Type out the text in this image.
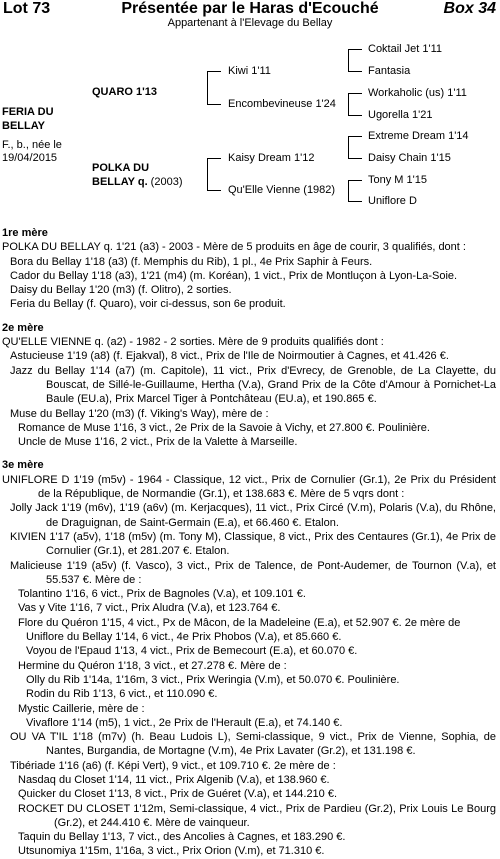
Lot 73	Présentée par le Haras d'Ecouché	Box 34
Appartenant à l'Elevage du Bellay
FERIA DU
BELLAY
F., b., née le
19/04/2015
QUARO 1'13
POLKA DU
BELLAY q. (2003)
Kiwi 1'11
Encombevineuse 1'24
Kaisy Dream 1'12
Qu'Elle Vienne (1982)
Coktail Jet 1'11
Fantasia
Workaholic (us) 1'11
Ugorella 1'21
Extreme Dream 1'14
Daisy Chain 1'15
Tony M 1'15
Uniflore D

1re mère

POLKA DU BELLAY q. 1'21 (a3) - 2003 - Mère de 5 produits en âge de courir, 3 qualifiés, dont :

Bora du Bellay 1'18 (a3) (f. Memphis du Rib), 1 pl., 4e Prix Saphir à Feurs.

Cador du Bellay 1'18 (a3), 1'21 (m4) (m. Koréan), 1 vict., Prix de Montluçon à Lyon-La-Soie.

Daisy du Bellay 1'20 (m3) (f. Olitro), 2 sorties.

Feria du Bellay (f. Quaro), voir ci-dessus, son 6e produit.

2e mère

QU'ELLE VIENNE q. (a2) - 1982 - 2 sorties. Mère de 9 produits qualifiés dont :

Astucieuse 1'19 (a8) (f. Ejakval), 8 vict., Prix de l'Ile de Noirmoutier à Cagnes, et 41.426 €.

Jazz du Bellay 1'14 (a7) (m. Capitole), 11 vict., Prix d'Evrecy, de Grenoble, de La Clayette, du Bouscat, de Sillé-le-Guillaume, Hertha (V.a), Grand Prix de la Côte d'Amour à Pornichet-La Baule (EU.a), Prix Marcel Tiger à Pontchâteau (EU.a), et 190.865 €.

Muse du Bellay 1'20 (m3) (f. Viking's Way), mère de :

Romance de Muse 1'16, 3 vict., 2e Prix de la Savoie à Vichy, et 27.800 €. Poulinière.

Uncle de Muse 1'16, 2 vict., Prix de la Valette à Marseille.

3e mère

UNIFLORE D 1'19 (m5v) - 1964 - Classique, 12 vict., Prix de Cornulier (Gr.1), 2e Prix du Président de la République, de Normandie (Gr.1), et 138.683 €. Mère de 5 vqrs dont :

Jolly Jack 1'19 (m6v), 1'19 (a6v) (m. Kerjacques), 11 vict., Prix Circé (V.m), Polaris (V.a), du Rhône, de Draguignan, de Saint-Germain (E.a), et 66.460 €. Etalon.

KIVIEN 1'17 (a5v), 1'18 (m5v) (m. Tony M), Classique, 8 vict., Prix des Centaures (Gr.1), 4e Prix de Cornulier (Gr.1), et 281.207 €. Etalon.

Malicieuse 1'19 (a5v) (f. Vasco), 3 vict., Prix de Talence, de Pont-Audemer, de Tournon (V.a), et 55.537 €. Mère de :

Tolantino 1'16, 6 vict., Prix de Bagnoles (V.a), et 109.101 €.

Vas y Vite 1'16, 7 vict., Prix Aludra (V.a), et 123.764 €.

Flore du Quéron 1'15, 4 vict., Px de Mâcon, de la Madeleine (E.a), et 52.907 €. 2e mère de

Uniflore du Bellay 1'14, 6 vict., 4e Prix Phobos (V.a), et 85.660 €.

Voyou de l'Epaud 1'13, 4 vict., Prix de Bemecourt (E.a), et 60.070 €.

Hermine du Quéron 1'18, 3 vict., et 27.278 €. Mère de :

Olly du Rib 1'14a, 1'16m, 3 vict., Prix Weringia (V.m), et 50.070 €. Poulinière.

Rodin du Rib 1'13, 6 vict., et 110.090 €.

Mystic Caillerie, mère de :

Vivaflore 1'14 (m5), 1 vict., 2e Prix de l'Herault (E.a), et 74.140 €.

OU VA T'IL 1'18 (m7v) (h. Beau Ludois L), Semi-classique, 9 vict., Prix de Vienne, Sophia, de Nantes, Burgandia, de Mortagne (V.m), 4e Prix Lavater (Gr.2), et 131.198 €.

Tibériade 1'16 (a6) (f. Képi Vert), 9 vict., et 109.710 €. 2e mère de :

Nasdaq du Closet 1'14, 11 vict., Prix Algenib (V.a), et 138.960 €.

Quicker du Closet 1'13, 8 vict., Prix de Guéret (V.a), et 144.210 €.

ROCKET DU CLOSET 1'12m, Semi-classique, 4 vict., Prix de Pardieu (Gr.2), Prix Louis Le Bourg (Gr.2), et 244.410 €. Mère de vainqueur.

Taquin du Bellay 1'13, 7 vict., des Ancolies à Cagnes, et 183.290 €.

Utsunomiya 1'15m, 1'16a, 3 vict., Prix Orion (V.m), et 71.310 €.
